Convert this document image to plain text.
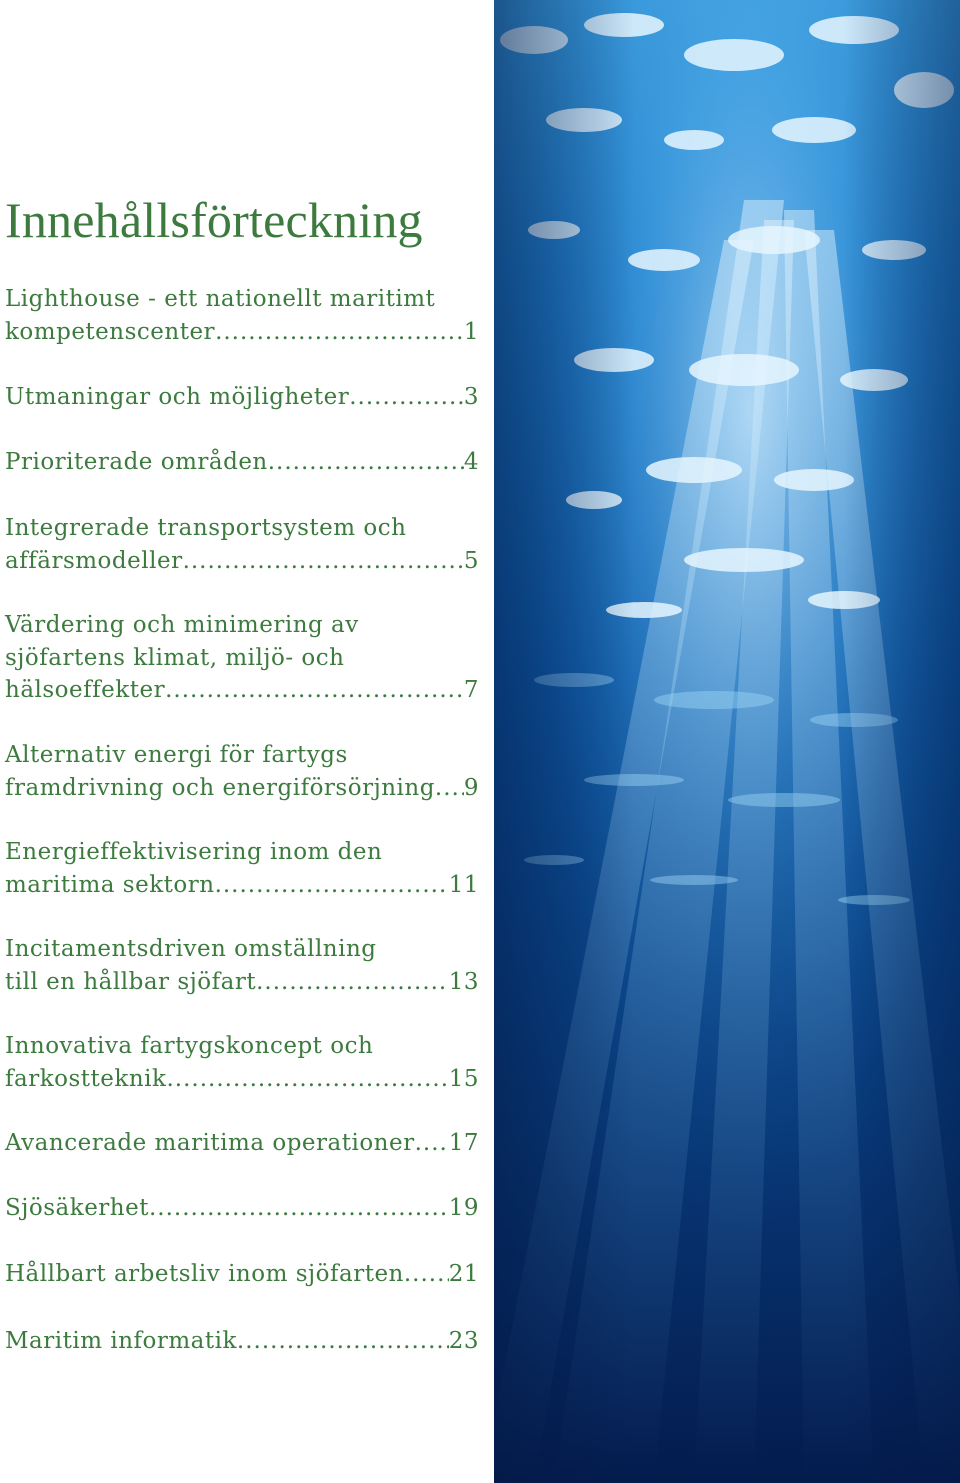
Innehållsförteckning
Lighthouse - ett nationellt maritimt
kompetenscenter .....	1
Utmaningar och möjligheter .....	3
Prioriterade områden .....	4
Integrerade transportsystem och
affärsmodeller .....	5
Värdering och minimering av
sjöfartens klimat, miljö- och
hälsoeffekter .....	7
Alternativ energi för fartygs
framdrivning och energiförsörjning ..... 9
Energieffektivisering inom den
maritima sektorn .....	11
Incitamentsdriven omställning
till en hållbar sjöfart .....	13
Innovativa fartygskoncept och
farkostteknik .....	15
Avancerade maritima operationer ..... 17
Sjösäkerhet .....	19
Hållbart arbetsliv inom sjöfarten ..... 21
Maritim informatik .....	23
